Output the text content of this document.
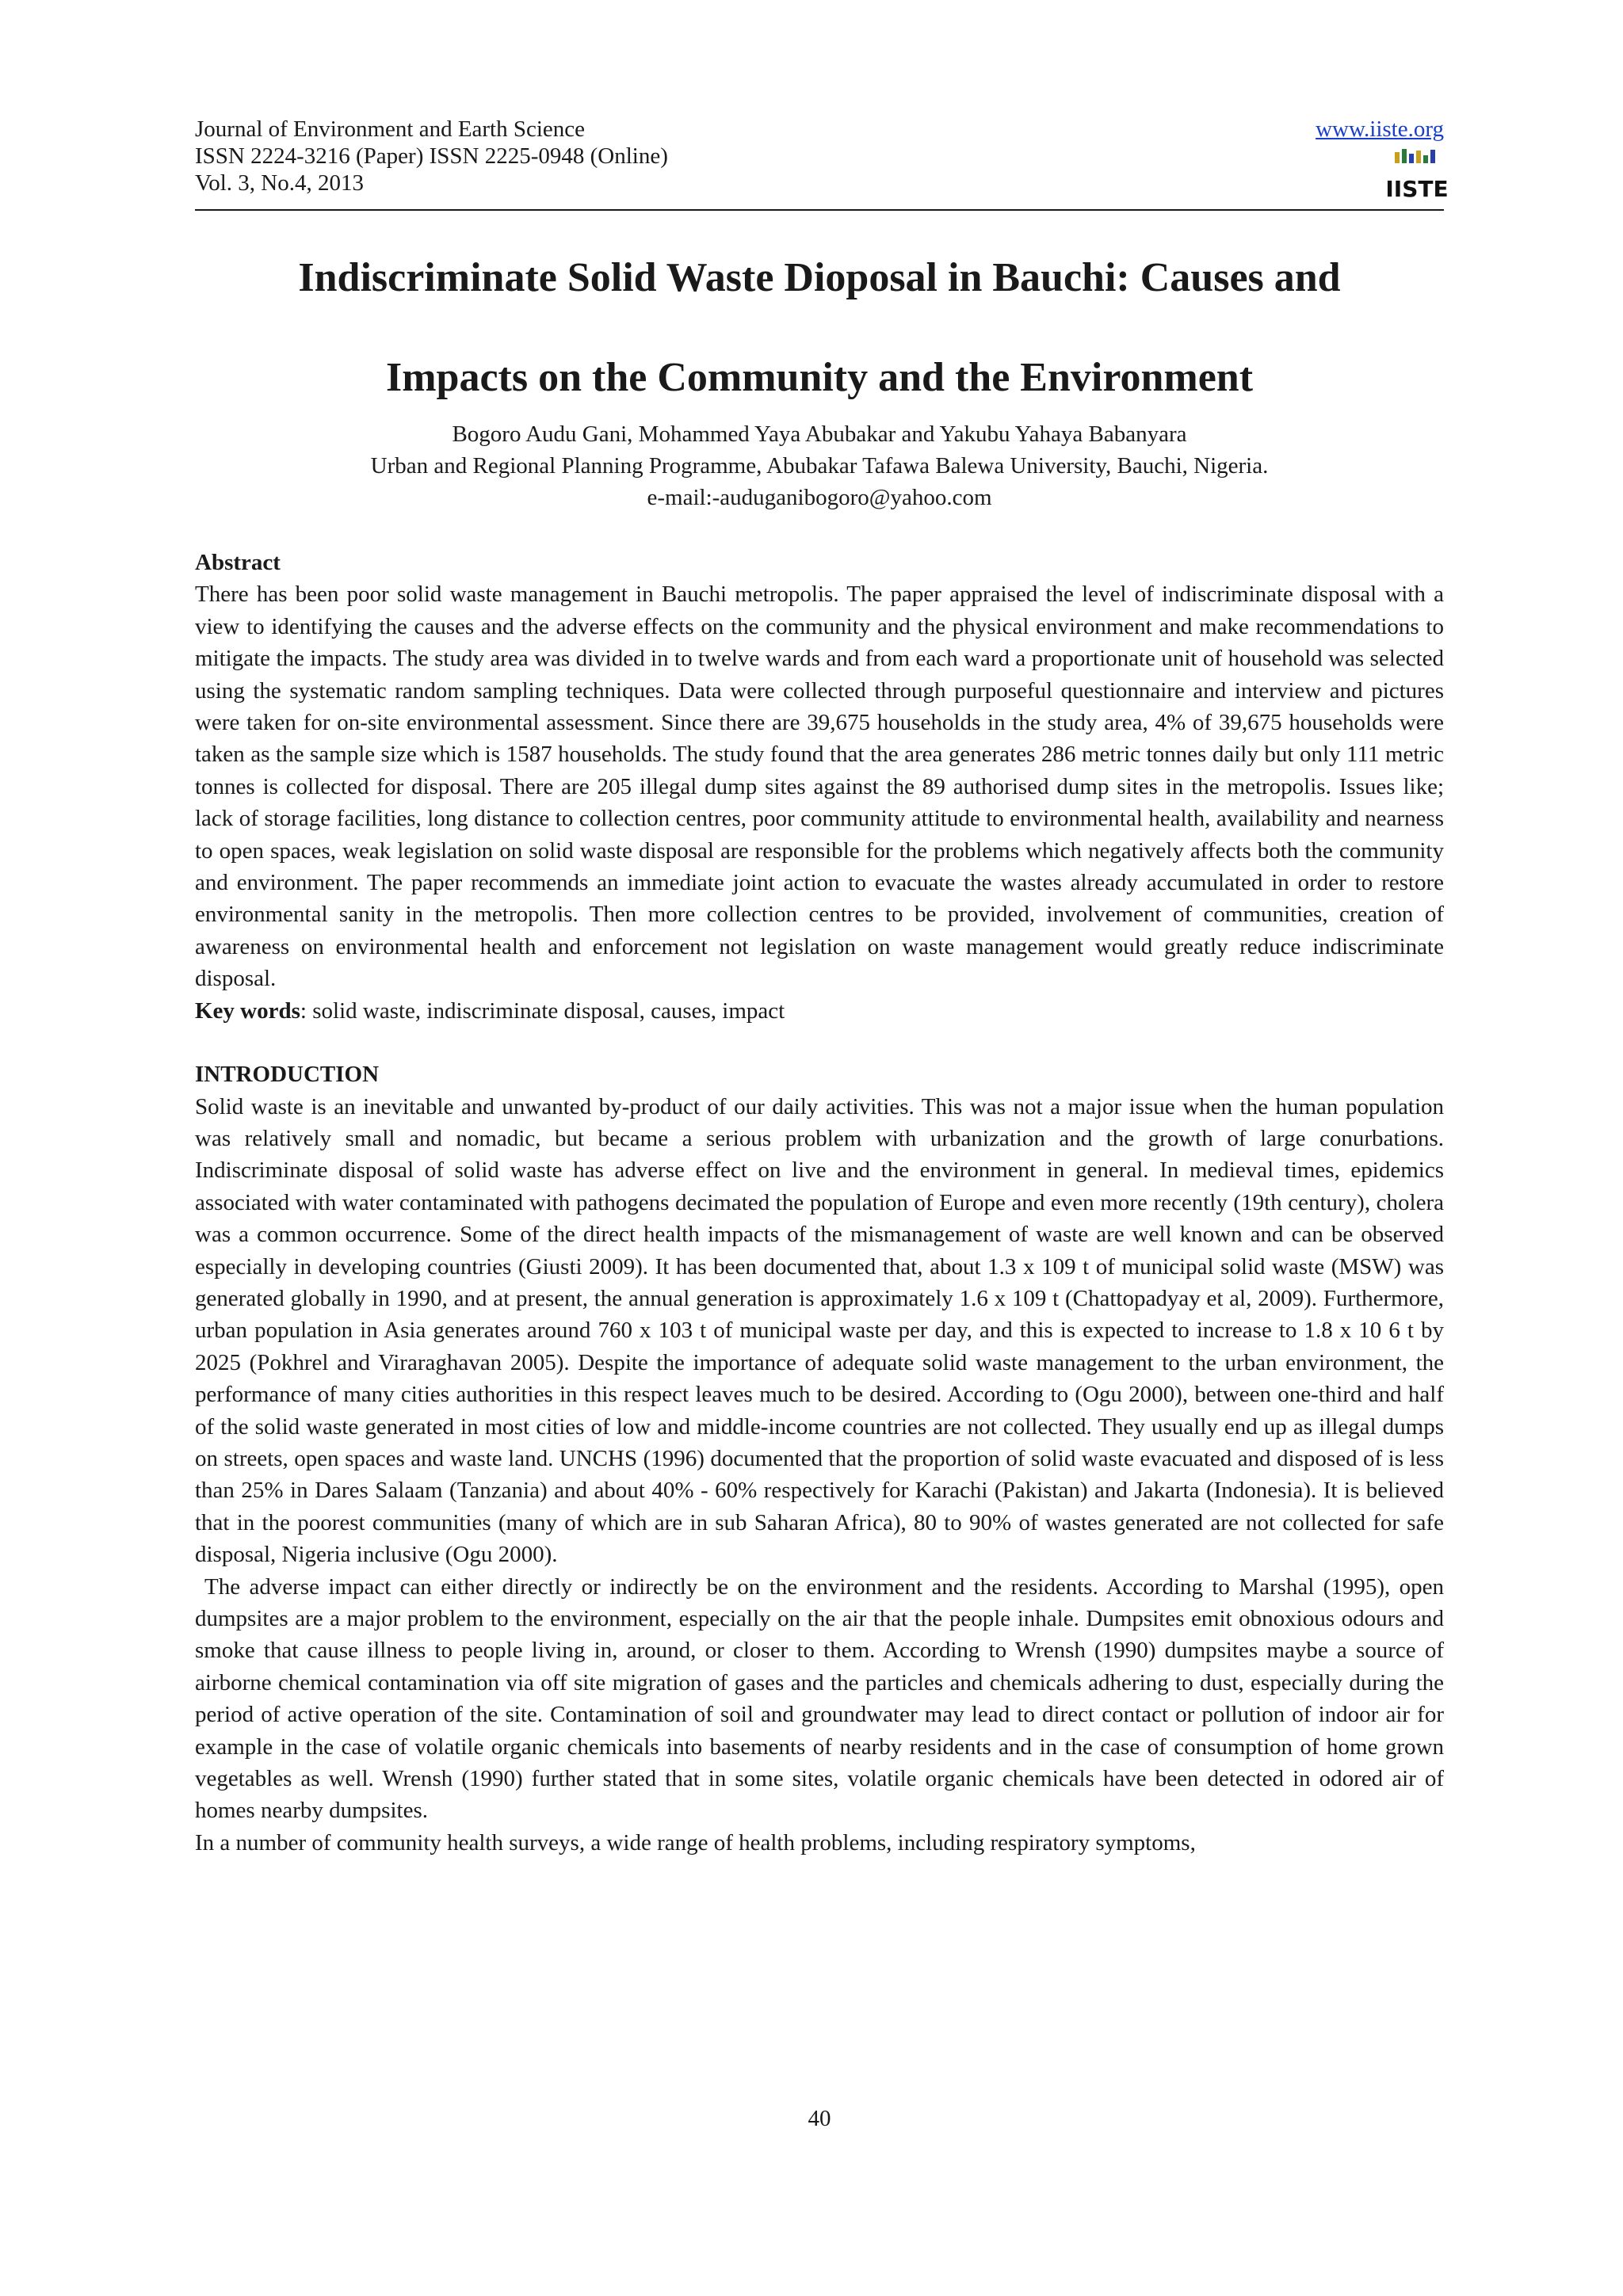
Journal of Environment and Earth Science
ISSN 2224-3216 (Paper) ISSN 2225-0948 (Online)
Vol. 3, No.4, 2013
www.iiste.org
IISTE
Indiscriminate Solid Waste Dioposal in Bauchi: Causes and
Impacts on the Community and the Environment
Bogoro Audu Gani, Mohammed Yaya Abubakar and Yakubu Yahaya Babanyara
Urban and Regional Planning Programme, Abubakar Tafawa Balewa University, Bauchi, Nigeria.
e-mail:-auduganibogoro@yahoo.com
Abstract

There has been poor solid waste management in Bauchi metropolis. The paper appraised the level of indiscriminate disposal with a view to identifying the causes and the adverse effects on the community and the physical environment and make recommendations to mitigate the impacts. The study area was divided in to twelve wards and from each ward a proportionate unit of household was selected using the systematic random sampling techniques. Data were collected through purposeful questionnaire and interview and pictures were taken for on-site environmental assessment. Since there are 39,675 households in the study area, 4% of 39,675 households were taken as the sample size which is 1587 households. The study found that the area generates 286 metric tonnes daily but only 111 metric tonnes is collected for disposal. There are 205 illegal dump sites against the 89 authorised dump sites in the metropolis. Issues like; lack of storage facilities, long distance to collection centres, poor community attitude to environmental health, availability and nearness to open spaces, weak legislation on solid waste disposal are responsible for the problems which negatively affects both the community and environment. The paper recommends an immediate joint action to evacuate the wastes already accumulated in order to restore environmental sanity in the metropolis. Then more collection centres to be provided, involvement of communities, creation of awareness on environmental health and enforcement not legislation on waste management would greatly reduce indiscriminate disposal.

Key words: solid waste, indiscriminate disposal, causes, impact
INTRODUCTION

Solid waste is an inevitable and unwanted by-product of our daily activities. This was not a major issue when the human population was relatively small and nomadic, but became a serious problem with urbanization and the growth of large conurbations. Indiscriminate disposal of solid waste has adverse effect on live and the environment in general. In medieval times, epidemics associated with water contaminated with pathogens decimated the population of Europe and even more recently (19th century), cholera was a common occurrence. Some of the direct health impacts of the mismanagement of waste are well known and can be observed especially in developing countries (Giusti 2009). It has been documented that, about 1.3 x 109 t of municipal solid waste (MSW) was generated globally in 1990, and at present, the annual generation is approximately 1.6 x 109 t (Chattopadyay et al, 2009). Furthermore, urban population in Asia generates around 760 x 103 t of municipal waste per day, and this is expected to increase to 1.8 x 10 6 t by 2025 (Pokhrel and Viraraghavan 2005). Despite the importance of adequate solid waste management to the urban environment, the performance of many cities authorities in this respect leaves much to be desired. According to (Ogu 2000), between one-third and half of the solid waste generated in most cities of low and middle-income countries are not collected. They usually end up as illegal dumps on streets, open spaces and waste land. UNCHS (1996) documented that the proportion of solid waste evacuated and disposed of is less than 25% in Dares Salaam (Tanzania) and about 40% - 60% respectively for Karachi (Pakistan) and Jakarta (Indonesia). It is believed that in the poorest communities (many of which are in sub Saharan Africa), 80 to 90% of wastes generated are not collected for safe disposal, Nigeria inclusive (Ogu 2000).

The adverse impact can either directly or indirectly be on the environment and the residents. According to Marshal (1995), open dumpsites are a major problem to the environment, especially on the air that the people inhale. Dumpsites emit obnoxious odours and smoke that cause illness to people living in, around, or closer to them. According to Wrensh (1990) dumpsites maybe a source of airborne chemical contamination via off site migration of gases and the particles and chemicals adhering to dust, especially during the period of active operation of the site. Contamination of soil and groundwater may lead to direct contact or pollution of indoor air for example in the case of volatile organic chemicals into basements of nearby residents and in the case of consumption of home grown vegetables as well. Wrensh (1990) further stated that in some sites, volatile organic chemicals have been detected in odored air of homes nearby dumpsites.

In a number of community health surveys, a wide range of health problems, including respiratory symptoms,

40
